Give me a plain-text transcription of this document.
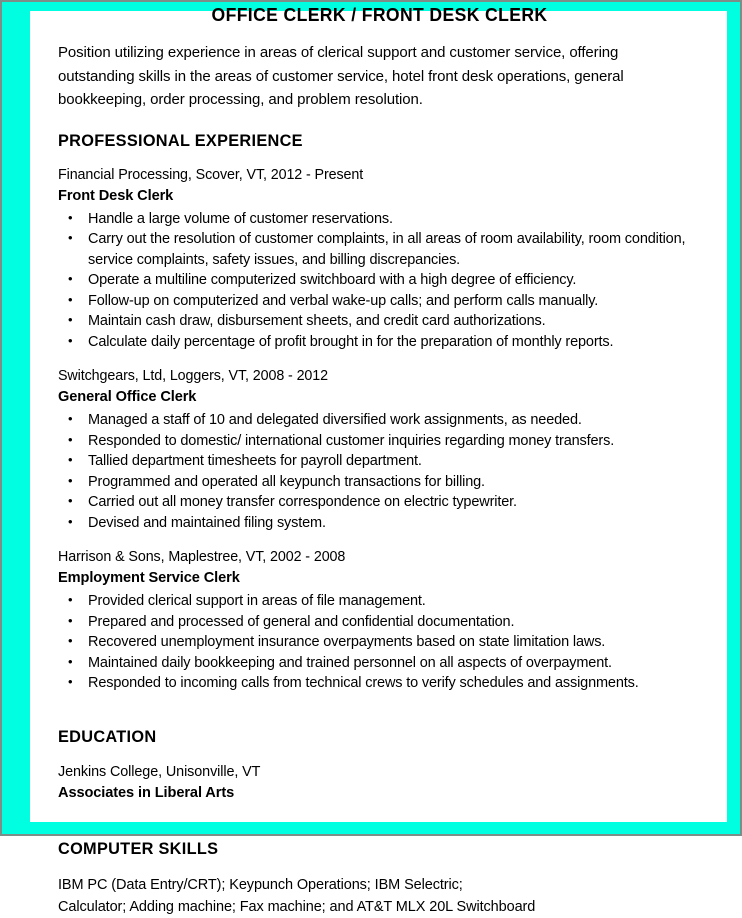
OFFICE CLERK / FRONT DESK CLERK

Position utilizing experience in areas of clerical support and customer service, offering outstanding skills in the areas of customer service, hotel front desk operations, general bookkeeping, order processing, and problem resolution.

PROFESSIONAL EXPERIENCE
Financial Processing, Scover, VT, 2012 - Present
Front Desk Clerk
• Handle a large volume of customer reservations.
• Carry out the resolution of customer complaints, in all areas of room availability, room condition, service complaints, safety issues, and billing discrepancies.
• Operate a multiline computerized switchboard with a high degree of efficiency.
• Follow-up on computerized and verbal wake-up calls; and perform calls manually.
• Maintain cash draw, disbursement sheets, and credit card authorizations.
• Calculate daily percentage of profit brought in for the preparation of monthly reports.
Switchgears, Ltd, Loggers, VT, 2008 - 2012
General Office Clerk
• Managed a staff of 10 and delegated diversified work assignments, as needed.
• Responded to domestic/ international customer inquiries regarding money transfers.
• Tallied department timesheets for payroll department.
• Programmed and operated all keypunch transactions for billing.
• Carried out all money transfer correspondence on electric typewriter.
• Devised and maintained filing system.
Harrison & Sons, Maplestree, VT, 2002 - 2008
Employment Service Clerk
• Provided clerical support in areas of file management.
• Prepared and processed of general and confidential documentation.
• Recovered unemployment insurance overpayments based on state limitation laws.
• Maintained daily bookkeeping and trained personnel on all aspects of overpayment.
• Responded to incoming calls from technical crews to verify schedules and assignments.
EDUCATION
Jenkins College, Unisonville, VT
Associates in Liberal Arts
COMPUTER SKILLS
IBM PC (Data Entry/CRT); Keypunch Operations; IBM Selectric;
Calculator; Adding machine; Fax machine; and AT&T MLX 20L Switchboard
